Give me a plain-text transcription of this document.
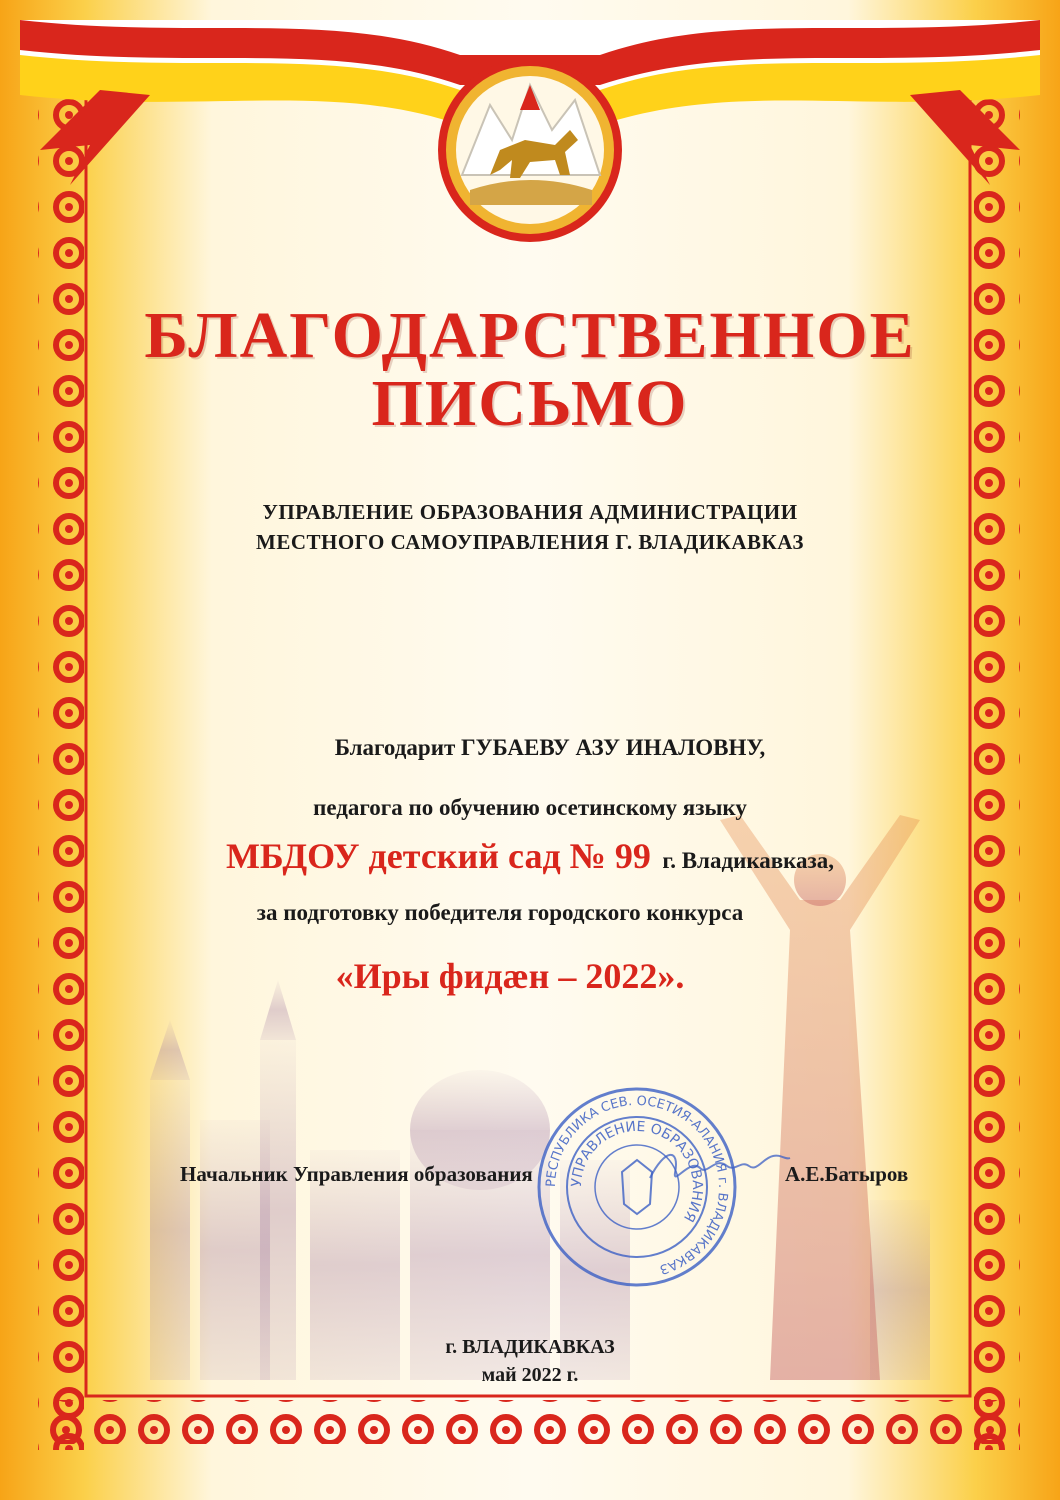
БЛАГОДАРСТВЕННОЕ
ПИСЬМО
УПРАВЛЕНИЕ ОБРАЗОВАНИЯ АДМИНИСТРАЦИИ
МЕСТНОГО САМОУПРАВЛЕНИЯ Г. ВЛАДИКАВКАЗ
Благодарит ГУБАЕВУ АЗУ ИНАЛОВНУ,
педагога по обучению осетинскому языку
МБДОУ детский сад № 99 г. Владикавказа,
за подготовку победителя городского конкурса
«Иры фидæн – 2022».
РЕСПУБЛИКА СЕВ. ОСЕТИЯ-АЛАНИЯ г. ВЛАДИКАВКАЗ
УПРАВЛЕНИЕ ОБРАЗОВАНИЯ
Начальник Управления образования	А.Е.Батыров
г. ВЛАДИКАВКАЗ
май 2022 г.
